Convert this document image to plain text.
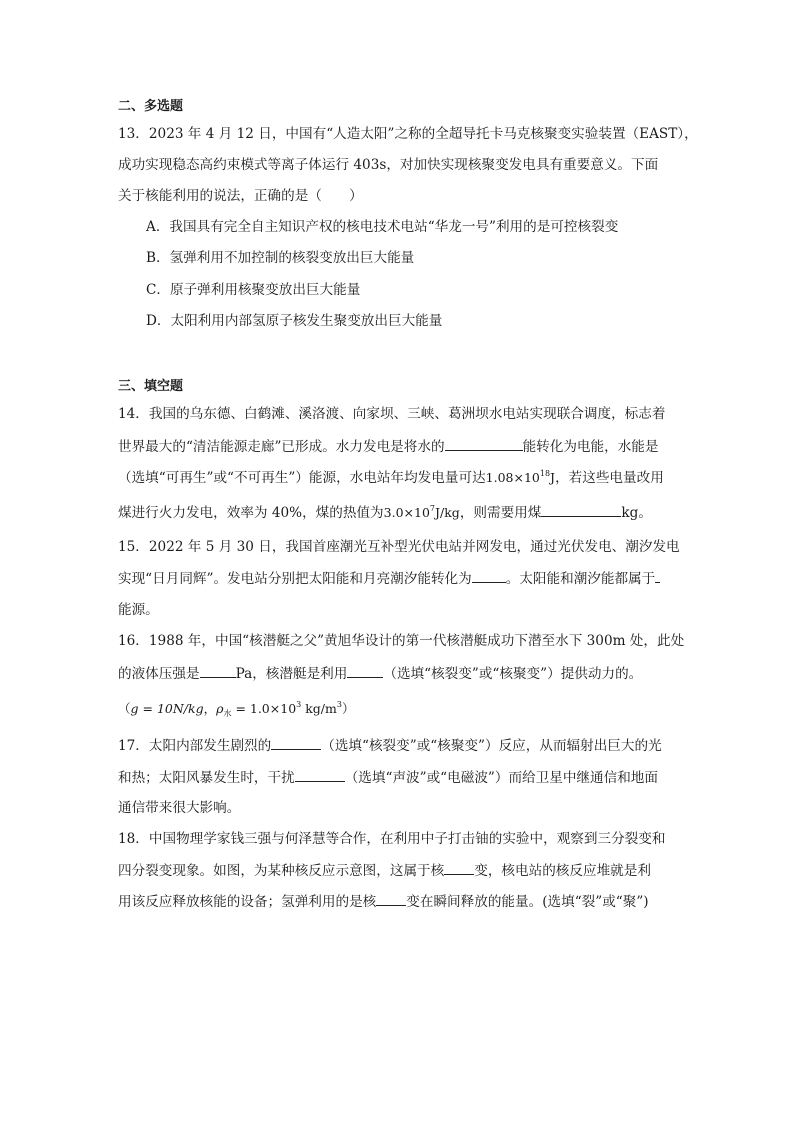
二、多选题
13．2023 年 4 月 12 日，中国有“人造太阳”之称的全超导托卡马克核聚变实验装置（EAST），
成功实现稳态高约束模式等离子体运行 403s，对加快实现核聚变发电具有重要意义。下面
关于核能利用的说法，正确的是（　　）
A．我国具有完全自主知识产权的核电技术电站“华龙一号”利用的是可控核裂变
B．氢弹利用不加控制的核裂变放出巨大能量
C．原子弹利用核聚变放出巨大能量
D．太阳利用内部氢原子核发生聚变放出巨大能量
三、填空题
14．我国的乌东德、白鹤滩、溪洛渡、向家坝、三峡、葛洲坝水电站实现联合调度，标志着
世界最大的“清洁能源走廊”已形成。水力发电是将水的	能转化为电能，水能是
（选填“可再生”或“不可再生”）能源，水电站年均发电量可达$1.08\times 10^{18}J$，若这些电量改用
煤进行火力发电，效率为 40%，煤的热值为$3.0\times 10^7J/kg$，则需要用煤	kg。
15．2022 年 5 月 30 日，我国首座潮光互补型光伏电站并网发电，通过光伏发电、潮汐发电
实现“日月同辉”。发电站分别把太阳能和月亮潮汐能转化为	。太阳能和潮汐能都属于
能源。
16．1988 年，中国“核潜艇之父”黄旭华设计的第一代核潜艇成功下潜至水下 300m 处，此处
的液体压强是	Pa，核潜艇是利用	（选填“核裂变”或“核聚变”）提供动力的。
（g = 10N/kg，$\rho_水 = 1.0\times 10^3$ $kg/m^3$）
17．太阳内部发生剧烈的	（选填“核裂变”或“核聚变”）反应，从而辐射出巨大的光
和热；太阳风暴发生时，干扰	（选填“声波”或“电磁波”）而给卫星中继通信和地面
通信带来很大影响。
18．中国物理学家钱三强与何泽慧等合作，在利用中子打击铀的实验中，观察到三分裂变和
四分裂变现象。如图，为某种核反应示意图，这属于核 变，核电站的核反应堆就是利
用该反应释放核能的设备；氢弹利用的是核 变在瞬间释放的能量。(选填“裂”或“聚”)
